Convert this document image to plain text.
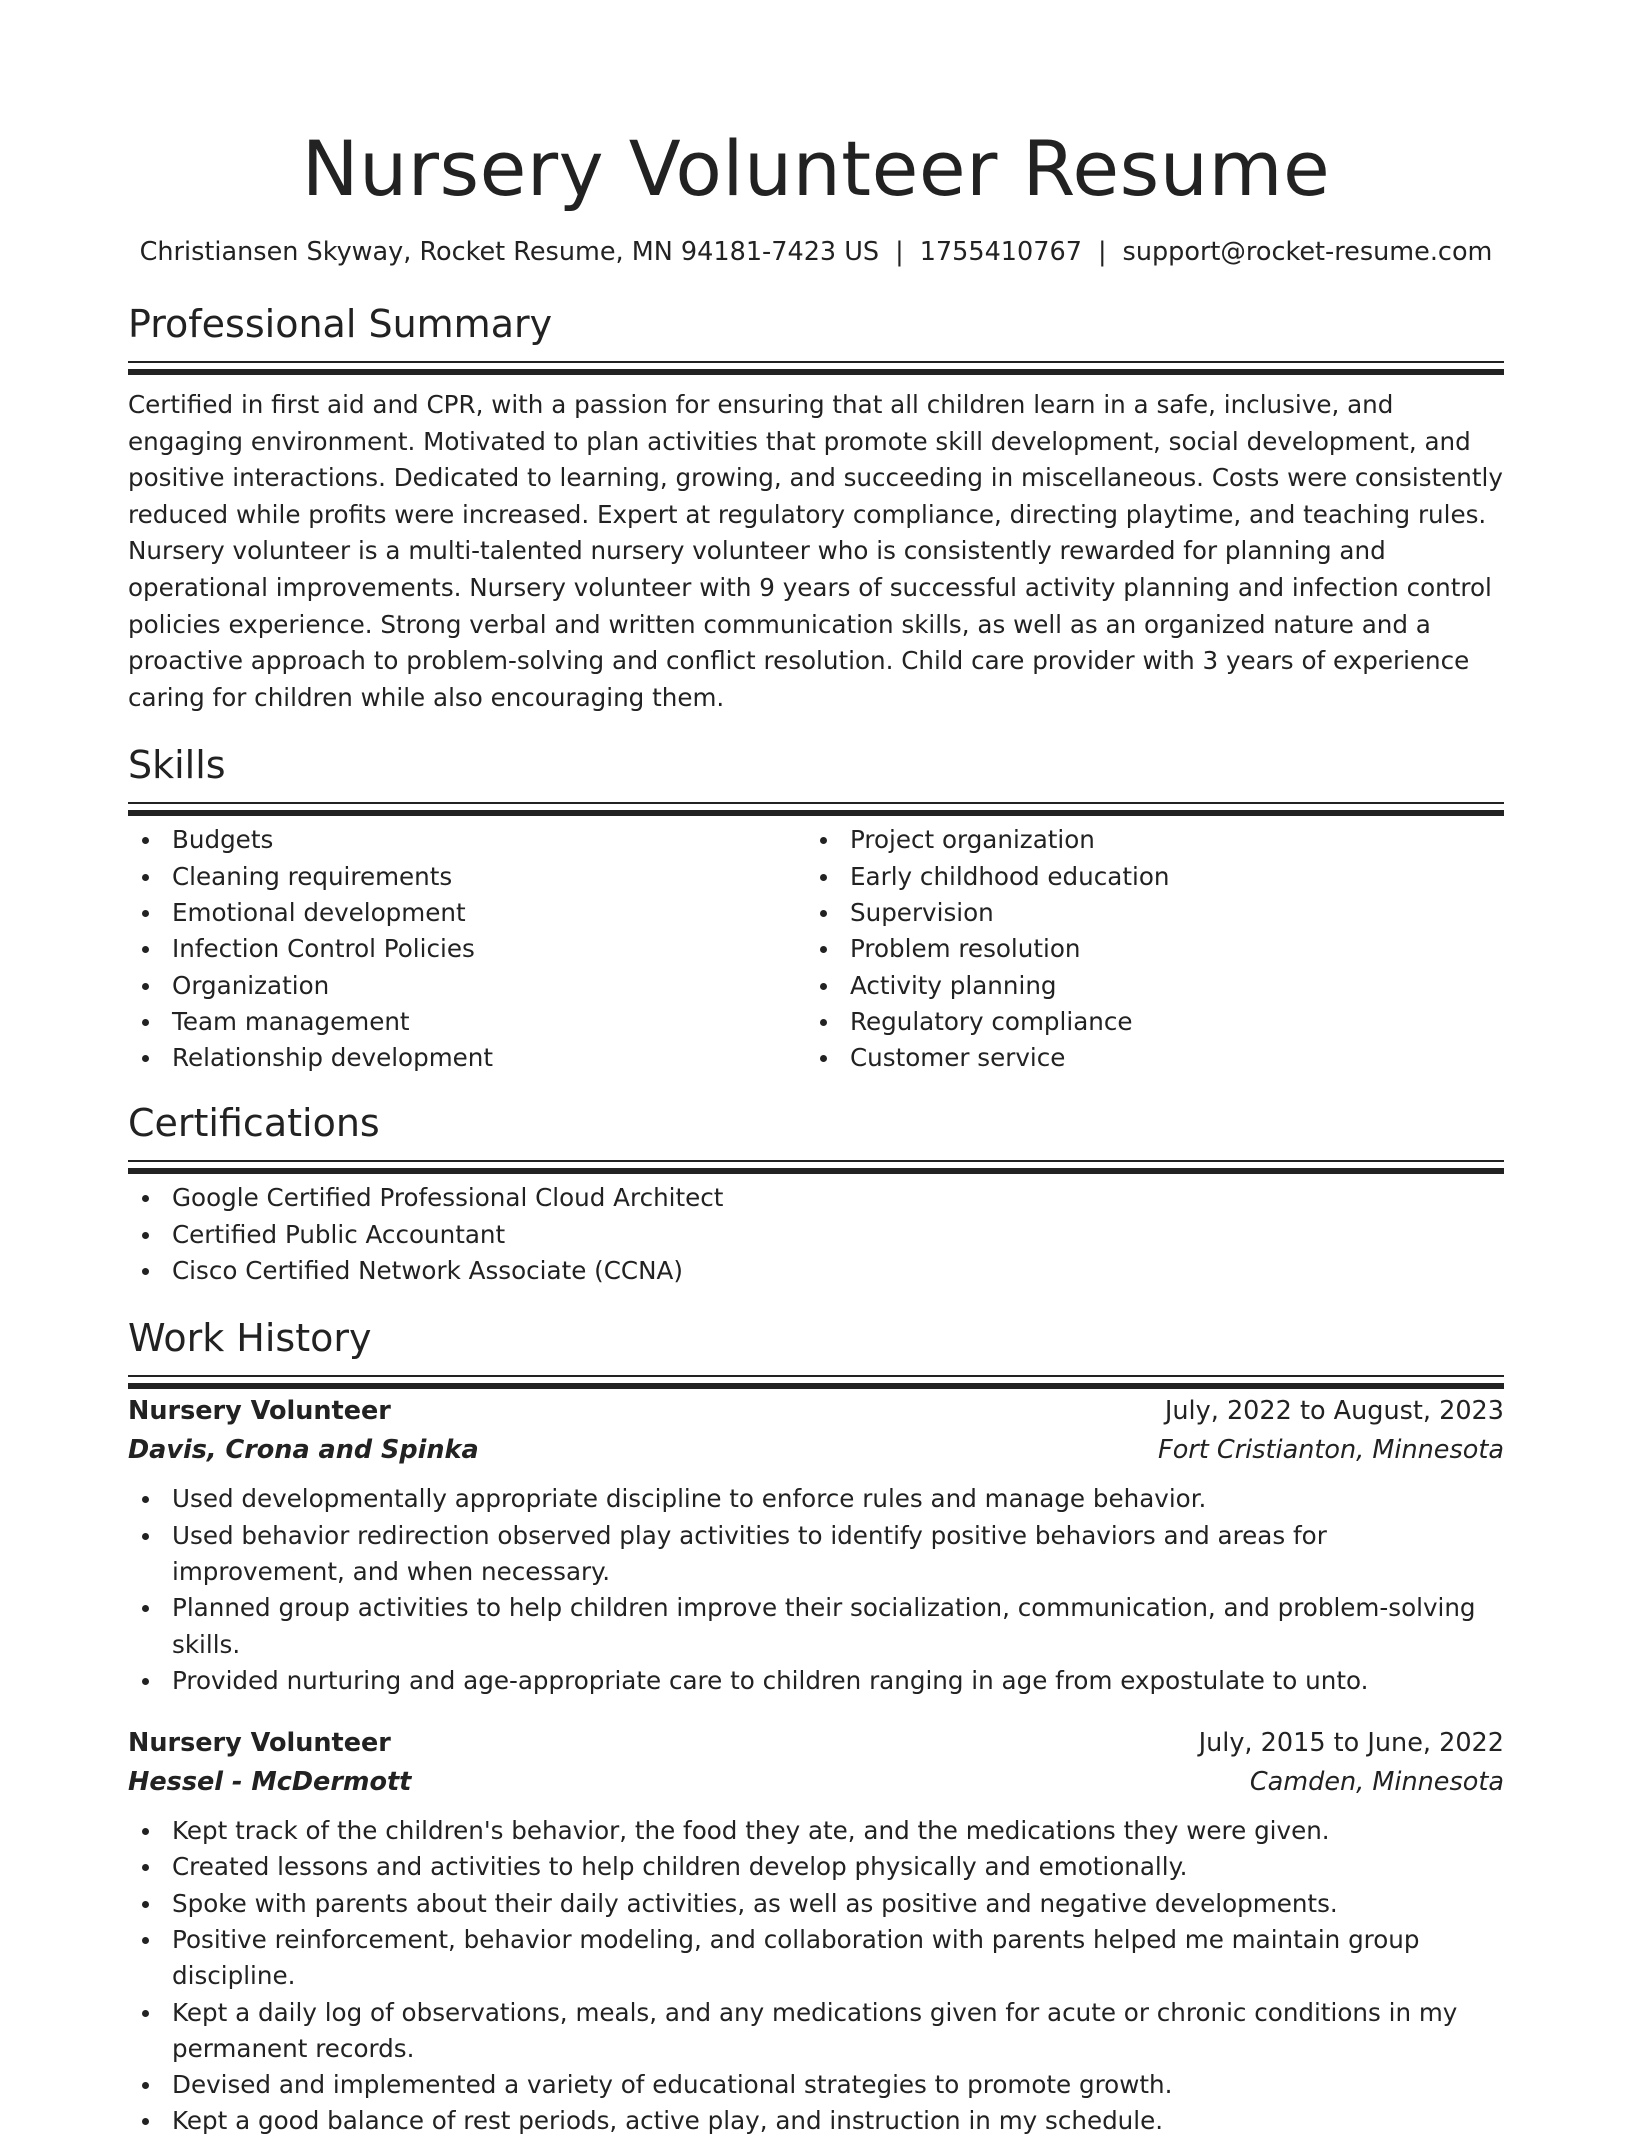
Nursery Volunteer Resume
Christiansen Skyway, Rocket Resume, MN 94181-7423 US | 1755410767 | support@rocket-resume.com
Professional Summary

Certified in first aid and CPR, with a passion for ensuring that all children learn in a safe, inclusive, and engaging environment. Motivated to plan activities that promote skill development, social development, and positive interactions. Dedicated to learning, growing, and succeeding in miscellaneous. Costs were consistently reduced while profits were increased. Expert at regulatory compliance, directing playtime, and teaching rules. Nursery volunteer is a multi-talented nursery volunteer who is consistently rewarded for planning and operational improvements. Nursery volunteer with 9 years of successful activity planning and infection control policies experience. Strong verbal and written communication skills, as well as an organized nature and a proactive approach to problem-solving and conflict resolution. Child care provider with 3 years of experience caring for children while also encouraging them.

Skills
Budgets
Cleaning requirements
Emotional development
Infection Control Policies
Organization
Team management
Relationship development
Project organization
Early childhood education
Supervision
Problem resolution
Activity planning
Regulatory compliance
Customer service
Certifications
Google Certified Professional Cloud Architect
Certified Public Accountant
Cisco Certified Network Associate (CCNA)
Work History
Nursery Volunteer	July, 2022 to August, 2023
Davis, Crona and Spinka	Fort Cristianton, Minnesota
Used developmentally appropriate discipline to enforce rules and manage behavior.
Used behavior redirection observed play activities to identify positive behaviors and areas for improvement, and when necessary.
Planned group activities to help children improve their socialization, communication, and problem-solving skills.
Provided nurturing and age-appropriate care to children ranging in age from expostulate to unto.
Nursery Volunteer	July, 2015 to June, 2022
Hessel - McDermott	Camden, Minnesota
Kept track of the children's behavior, the food they ate, and the medications they were given.
Created lessons and activities to help children develop physically and emotionally.
Spoke with parents about their daily activities, as well as positive and negative developments.
Positive reinforcement, behavior modeling, and collaboration with parents helped me maintain group discipline.
Kept a daily log of observations, meals, and any medications given for acute or chronic conditions in my permanent records.
Devised and implemented a variety of educational strategies to promote growth.
Kept a good balance of rest periods, active play, and instruction in my schedule.
